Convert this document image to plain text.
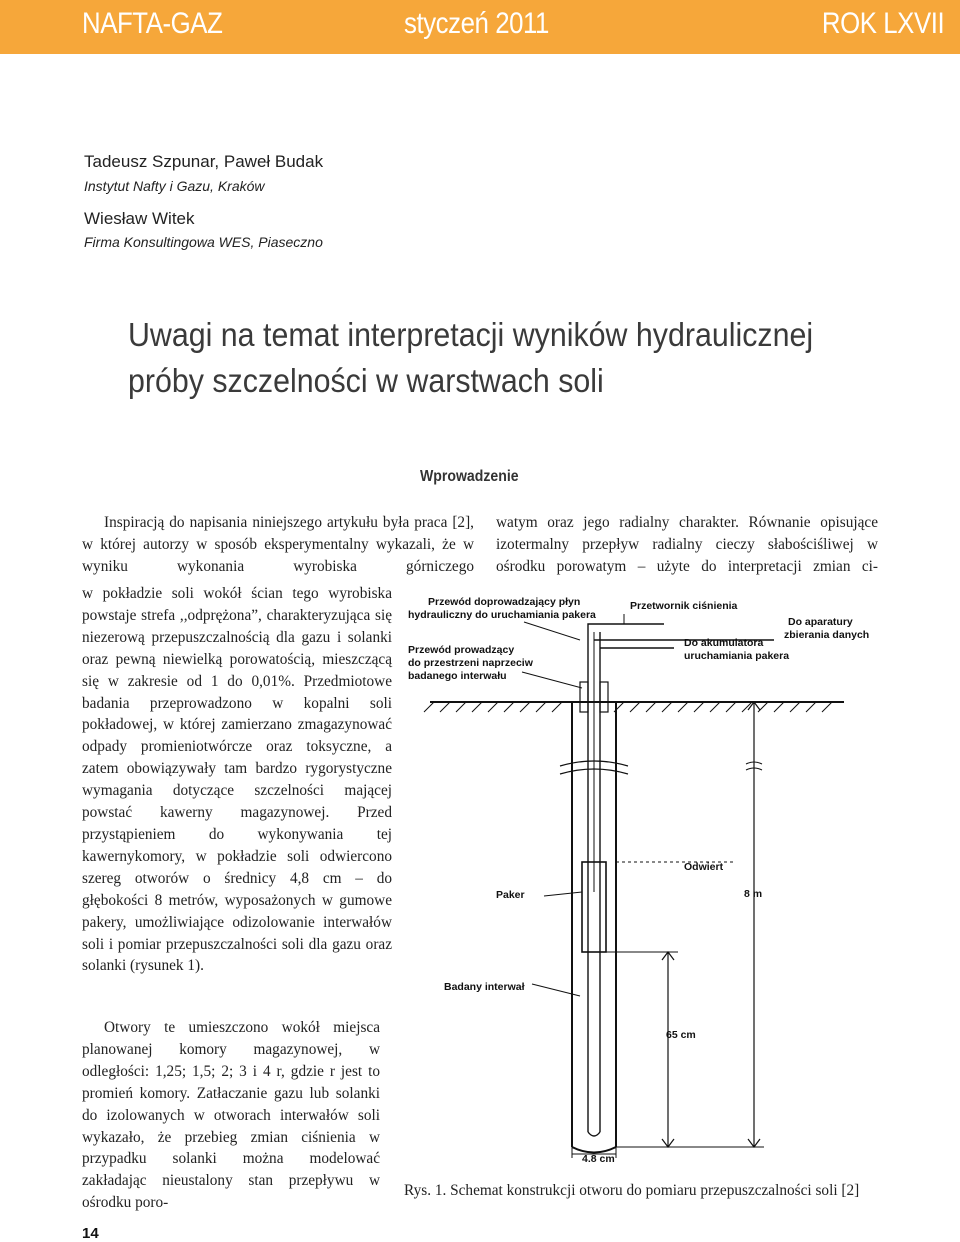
NAFTA-GAZ	styczeń 2011	ROK LXVII
Tadeusz Szpunar, Paweł Budak
Instytut Nafty i Gazu, Kraków
Wiesław Witek
Firma Konsultingowa WES, Piaseczno
Uwagi na temat interpretacji wyników hydraulicznej
próby szczelności w warstwach soli
Wprowadzenie

Inspiracją do napisania niniejszego artykułu była praca [2], w której autorzy w sposób eksperymentalny wykazali, że w wyniku wykonania wyrobiska górniczego

w pokładzie soli wokół ścian tego wyrobiska powstaje strefa ,,odprężona”, charakteryzująca się niezerową przepuszczalnością dla gazu i solanki oraz pewną niewielką porowatością, mieszczącą się w zakresie od 1 do 0,01%. Przedmiotowe badania przeprowadzono w kopalni soli pokładowej, w której zamierzano zmagazynować odpady promieniotwórcze oraz toksyczne, a zatem obowiązywały tam bardzo rygorystyczne wymagania dotyczące szczelności mającej powstać kawerny magazynowej. Przed przystąpieniem do wykonywania tej kawernykomory, w pokładzie soli odwiercono szereg otworów o średnicy 4,8 cm – do głębokości 8 metrów, wyposażonych w gumowe pakery, umożliwiające odizolowanie interwałów soli i pomiar przepuszczalności soli dla gazu oraz solanki (rysunek 1).

Otwory te umieszczono wokół miejsca planowanej komory magazynowej, w odległości: 1,25; 1,5; 2; 3 i 4 r, gdzie r jest to promień komory. Zatłaczanie gazu lub solanki do izolowanych w otworach interwałów soli wykazało, że przebieg zmian ciśnienia w przypadku solanki można modelować zakładając nieustalony stan przepływu w ośrodku poro-

watym oraz jego radialny charakter. Równanie opisujące izotermalny przepływ radialny cieczy słabościśliwej w ośrodku porowatym – użyte do interpretacji zmian ci-

Przewód doprowadzający płyn
hydrauliczny do uruchamiania pakera
Przetwornik ciśnienia
Do aparatury
zbierania danych
Do akumulatora
uruchamiania pakera
Przewód prowadzący
do przestrzeni naprzeciw
badanego interwału
Odwiert
Paker	8 m
Badany interwał
65 cm
4.8 cm
Rys. 1. Schemat konstrukcji otworu do pomiaru przepuszczalności soli [2]
14
